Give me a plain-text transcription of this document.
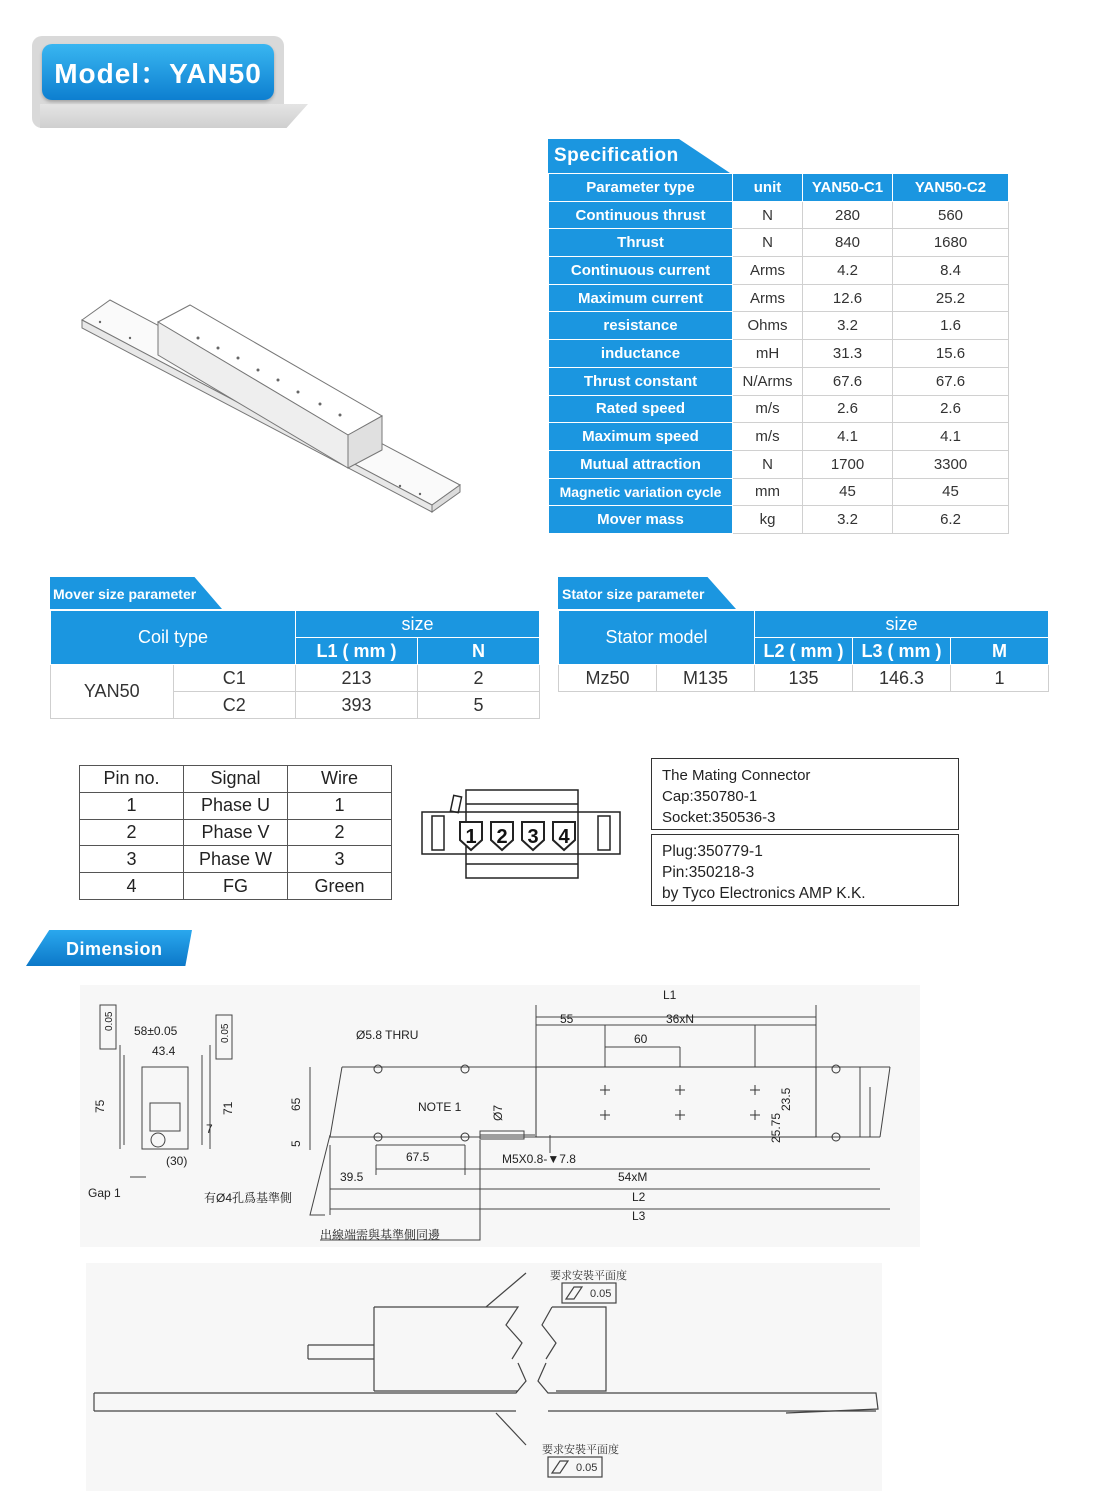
Model：YAN50
Specification
Parameter type	unit	YAN50-C1	YAN50-C2
Continuous thrust	N	280	560
Thrust	N	840	1680
Continuous current	Arms	4.2	8.4
Maximum current	Arms	12.6	25.2
resistance	Ohms	3.2	1.6
inductance	mH	31.3	15.6
Thrust constant	N/Arms	67.6	67.6
Rated speed	m/s	2.6	2.6
Maximum speed	m/s	4.1	4.1
Mutual attraction	N	1700	3300
Magnetic variation cycle	mm	45	45
Mover mass	kg	3.2	6.2
Mover size parameter
Coil type		size	
		L1 ( mm )	N
YAN50	C1	213	2
	C2	393	5
Stator size parameter
Stator model		size		
		L2 ( mm )	L3 ( mm )	M
Mz50	M135	135	146.3	1
Pin no.	Signal	Wire
1	Phase U	1
2	Phase V	2
3	Phase W	3
4	FG	Green
1 2 3 4
The Mating Connector
Cap:350780-1
Socket:350536-3
Plug:350779-1
Pin:350218-3
by Tyco Electronics AMP K.K.
Dimension
L1
55	36xN
60
Ø5.8 THRU
NOTE 1 Ø7
M5X0.8-▼7.8
67.5
39.5	54xM
L2
L3
65
5
23.5
25.75
58±0.05
43.4
75	71
7
(30)
Gap 1
0.05
0.05
有Ø4孔爲基準側
出線端需與基準側同邊
要求安裝平面度
0.05
要求安裝平面度
0.05
